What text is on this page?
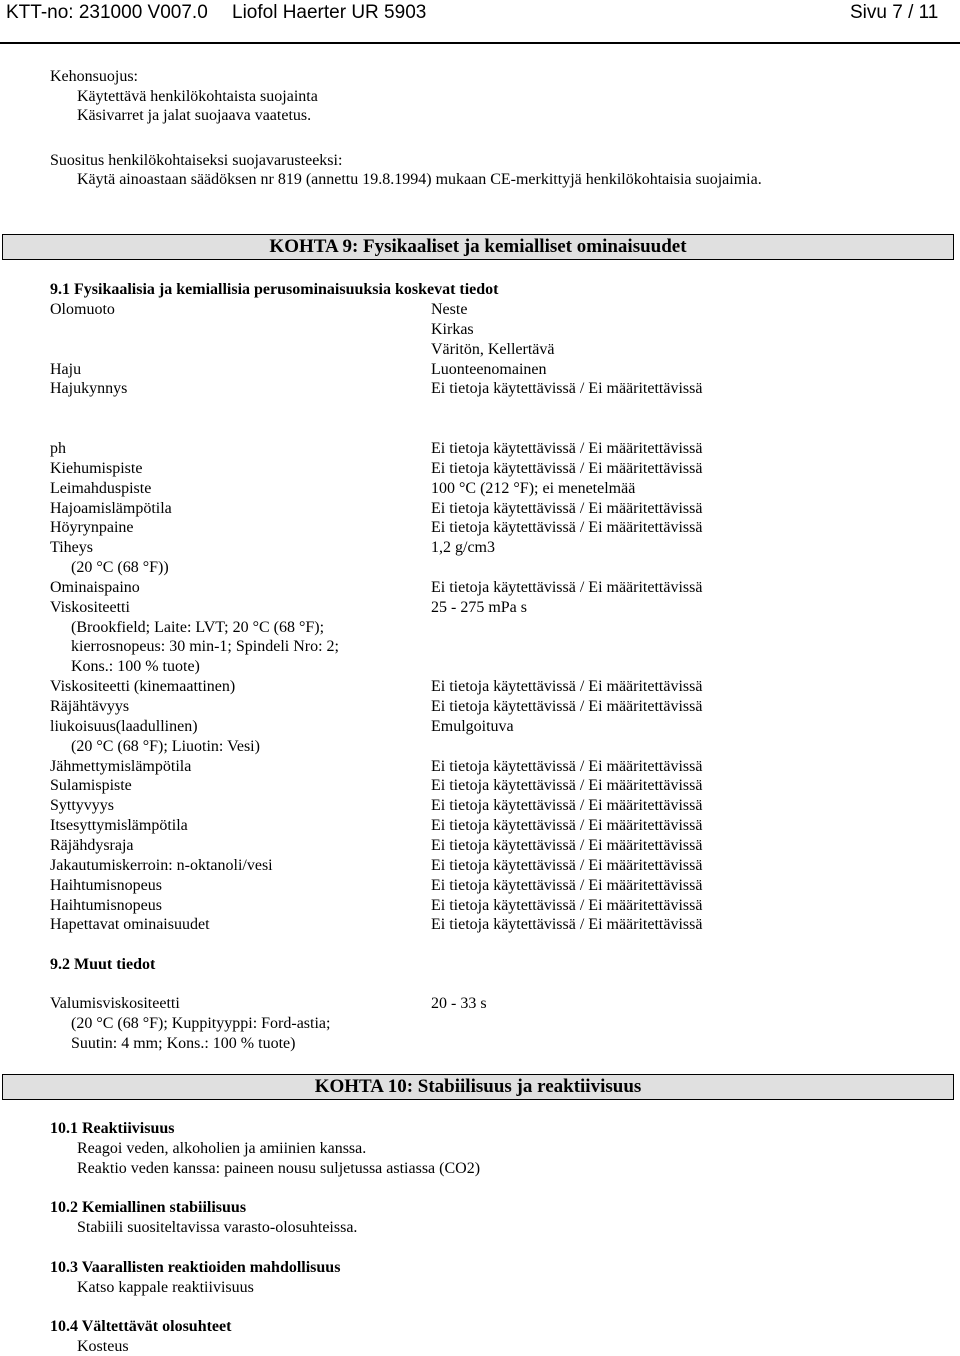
KTT-no: 231000 V007.0 Liofol Haerter UR 5903	Sivu 7 / 11
Kehonsuojus:
Käytettävä henkilökohtaista suojainta
Käsivarret ja jalat suojaava vaatetus.
Suositus henkilökohtaiseksi suojavarusteeksi:
Käytä ainoastaan säädöksen nr 819 (annettu 19.8.1994) mukaan CE-merkittyjä henkilökohtaisia suojaimia.
KOHTA 9: Fysikaaliset ja kemialliset ominaisuudet
9.1 Fysikaalisia ja kemiallisia perusominaisuuksia koskevat tiedot
Olomuoto	Neste
Kirkas
Väritön, Kellertävä
Haju	Luonteenomainen
Hajukynnys	Ei tietoja käytettävissä / Ei määritettävissä
ph	Ei tietoja käytettävissä / Ei määritettävissä
Kiehumispiste	Ei tietoja käytettävissä / Ei määritettävissä
Leimahduspiste	100 °C (212 °F); ei menetelmää
Hajoamislämpötila	Ei tietoja käytettävissä / Ei määritettävissä
Höyrynpaine	Ei tietoja käytettävissä / Ei määritettävissä
Tiheys	1,2 g/cm3
(20 °C (68 °F))
Ominaispaino	Ei tietoja käytettävissä / Ei määritettävissä
Viskositeetti	25 - 275 mPa s
(Brookfield; Laite: LVT; 20 °C (68 °F);
kierrosnopeus: 30 min-1; Spindeli Nro: 2;
Kons.: 100 % tuote)
Viskositeetti (kinemaattinen)	Ei tietoja käytettävissä / Ei määritettävissä
Räjähtävyys	Ei tietoja käytettävissä / Ei määritettävissä
liukoisuus(laadullinen)	Emulgoituva
(20 °C (68 °F); Liuotin: Vesi)
Jähmettymislämpötila	Ei tietoja käytettävissä / Ei määritettävissä
Sulamispiste	Ei tietoja käytettävissä / Ei määritettävissä
Syttyvyys	Ei tietoja käytettävissä / Ei määritettävissä
Itsesyttymislämpötila	Ei tietoja käytettävissä / Ei määritettävissä
Räjähdysraja	Ei tietoja käytettävissä / Ei määritettävissä
Jakautumiskerroin: n-oktanoli/vesi	Ei tietoja käytettävissä / Ei määritettävissä
Haihtumisnopeus	Ei tietoja käytettävissä / Ei määritettävissä
Haihtumisnopeus	Ei tietoja käytettävissä / Ei määritettävissä
Hapettavat ominaisuudet	Ei tietoja käytettävissä / Ei määritettävissä
9.2 Muut tiedot
Valumisviskositeetti	20 - 33 s
(20 °C (68 °F); Kuppityyppi: Ford-astia;
Suutin: 4 mm; Kons.: 100 % tuote)
KOHTA 10: Stabiilisuus ja reaktiivisuus
10.1 Reaktiivisuus
Reagoi veden, alkoholien ja amiinien kanssa.
Reaktio veden kanssa: paineen nousu suljetussa astiassa (CO2)
10.2 Kemiallinen stabiilisuus
Stabiili suositeltavissa varasto-olosuhteissa.
10.3 Vaarallisten reaktioiden mahdollisuus
Katso kappale reaktiivisuus
10.4 Vältettävät olosuhteet
Kosteus
